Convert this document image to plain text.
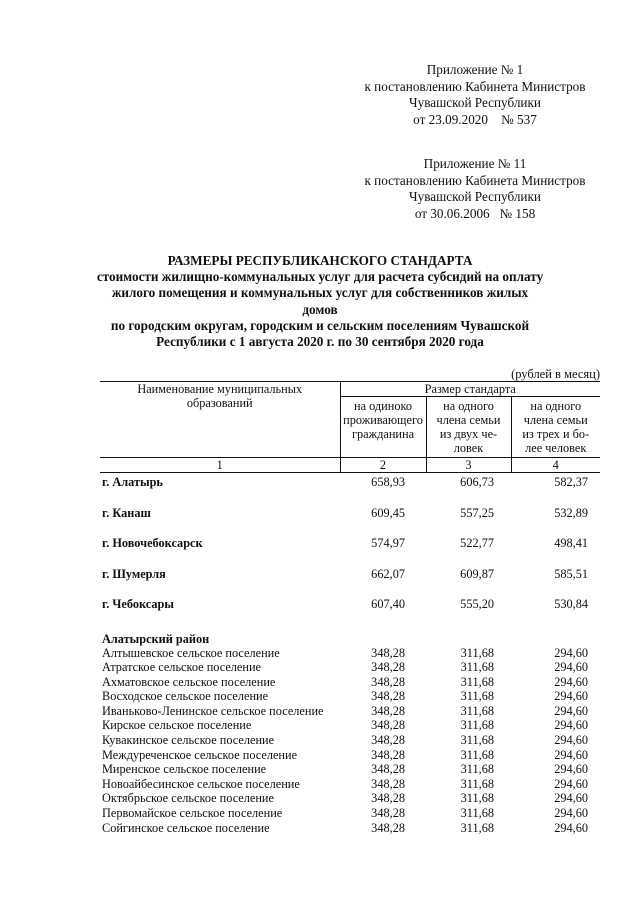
Приложение № 1
к постановлению Кабинета Министров
Чувашской Республики
от 23.09.2020    № 537
Приложение № 11
к постановлению Кабинета Министров
Чувашской Республики
от 30.06.2006   № 158
РАЗМЕРЫ РЕСПУБЛИКАНСКОГО СТАНДАРТА
стоимости жилищно-коммунальных услуг для расчета субсидий на оплату
жилого помещения и коммунальных услуг для собственников жилых домов
по городским округам, городским и сельским поселениям Чувашской
Республики с 1 августа 2020 г. по 30 сентября 2020 года
(рублей в месяц)
Наименование муниципальных образований	Размер стандарта		
	на одиноко проживающего гражданина	на одного члена семьи из двух че-ловек	на одного члена семьи из трех и бо-лее человек
1	2	3	4
г. Алатырь	658,93	606,73	582,37
г. Канаш	609,45	557,25	532,89
г. Новочебоксарск	574,97	522,77	498,41
г. Шумерля	662,07	609,87	585,51
г. Чебоксары	607,40	555,20	530,84
Алатырский район			
Алтышевское сельское поселение	348,28	311,68	294,60
Атратское сельское поселение	348,28	311,68	294,60
Ахматовское сельское поселение	348,28	311,68	294,60
Восходское сельское поселение	348,28	311,68	294,60
Иваньково-Ленинское сельское поселение	348,28	311,68	294,60
Кирское сельское поселение	348,28	311,68	294,60
Кувакинское сельское поселение	348,28	311,68	294,60
Междуреченское сельское поселение	348,28	311,68	294,60
Миренское сельское поселение	348,28	311,68	294,60
Новоайбесинское сельское поселение	348,28	311,68	294,60
Октябрьское сельское поселение	348,28	311,68	294,60
Первомайское сельское поселение	348,28	311,68	294,60
Сойгинское сельское поселение	348,28	311,68	294,60
